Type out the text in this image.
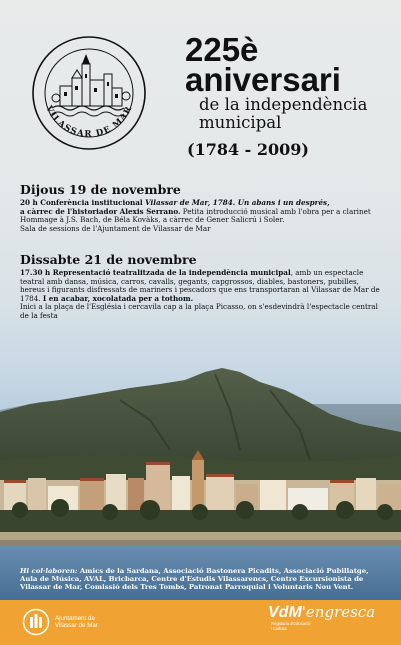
VILASSAR DE MAR
225è
aniversari
de la independència
municipal
(1784 - 2009)
Dijous 19 de novembre

20 h Conferència institucional Vilassar de Mar, 1784. Un abans i un després,
a càrrec de l'historiador Alexis Serrano. Petita introducció musical amb l'obra per a clarinet Hommage à J.S. Bach, de Béla Kovàks, a càrrec de Gener Salicrú i Soler.

Sala de sessions de l'Ajuntament de Vilassar de Mar

Dissabte 21 de novembre

17.30 h Representació teatralitzada de la independència municipal, amb un espectacle teatral amb dansa, música, carros, cavalls, gegants, capgrossos, diables, bastoners, pubilles, hereus i figurants disfressats de mariners i pescadors que ens transportaran al Vilassar de Mar de 1784. I en acabar, xocolatada per a tothom.

Inici a la plaça de l'Església i cercavila cap a la plaça Picasso, on s'esdevindrà l'espectacle central de la festa

Hi col·laboren: Amics de la Sardana, Associació Bastonera Picadits, Associació Pubillatge, Aula de Música, AVAL, Bricbarca, Centre d'Estudis Vilassarencs, Centre Excursionista de Vilassar de Mar, Comissió dels Tres Tombs, Patronat Parroquial i Voluntaris Nou Vent.
Ajuntament de
Vilassar de Mar
VdM 'engresca
Regidoria d'Educació
i Cultura
